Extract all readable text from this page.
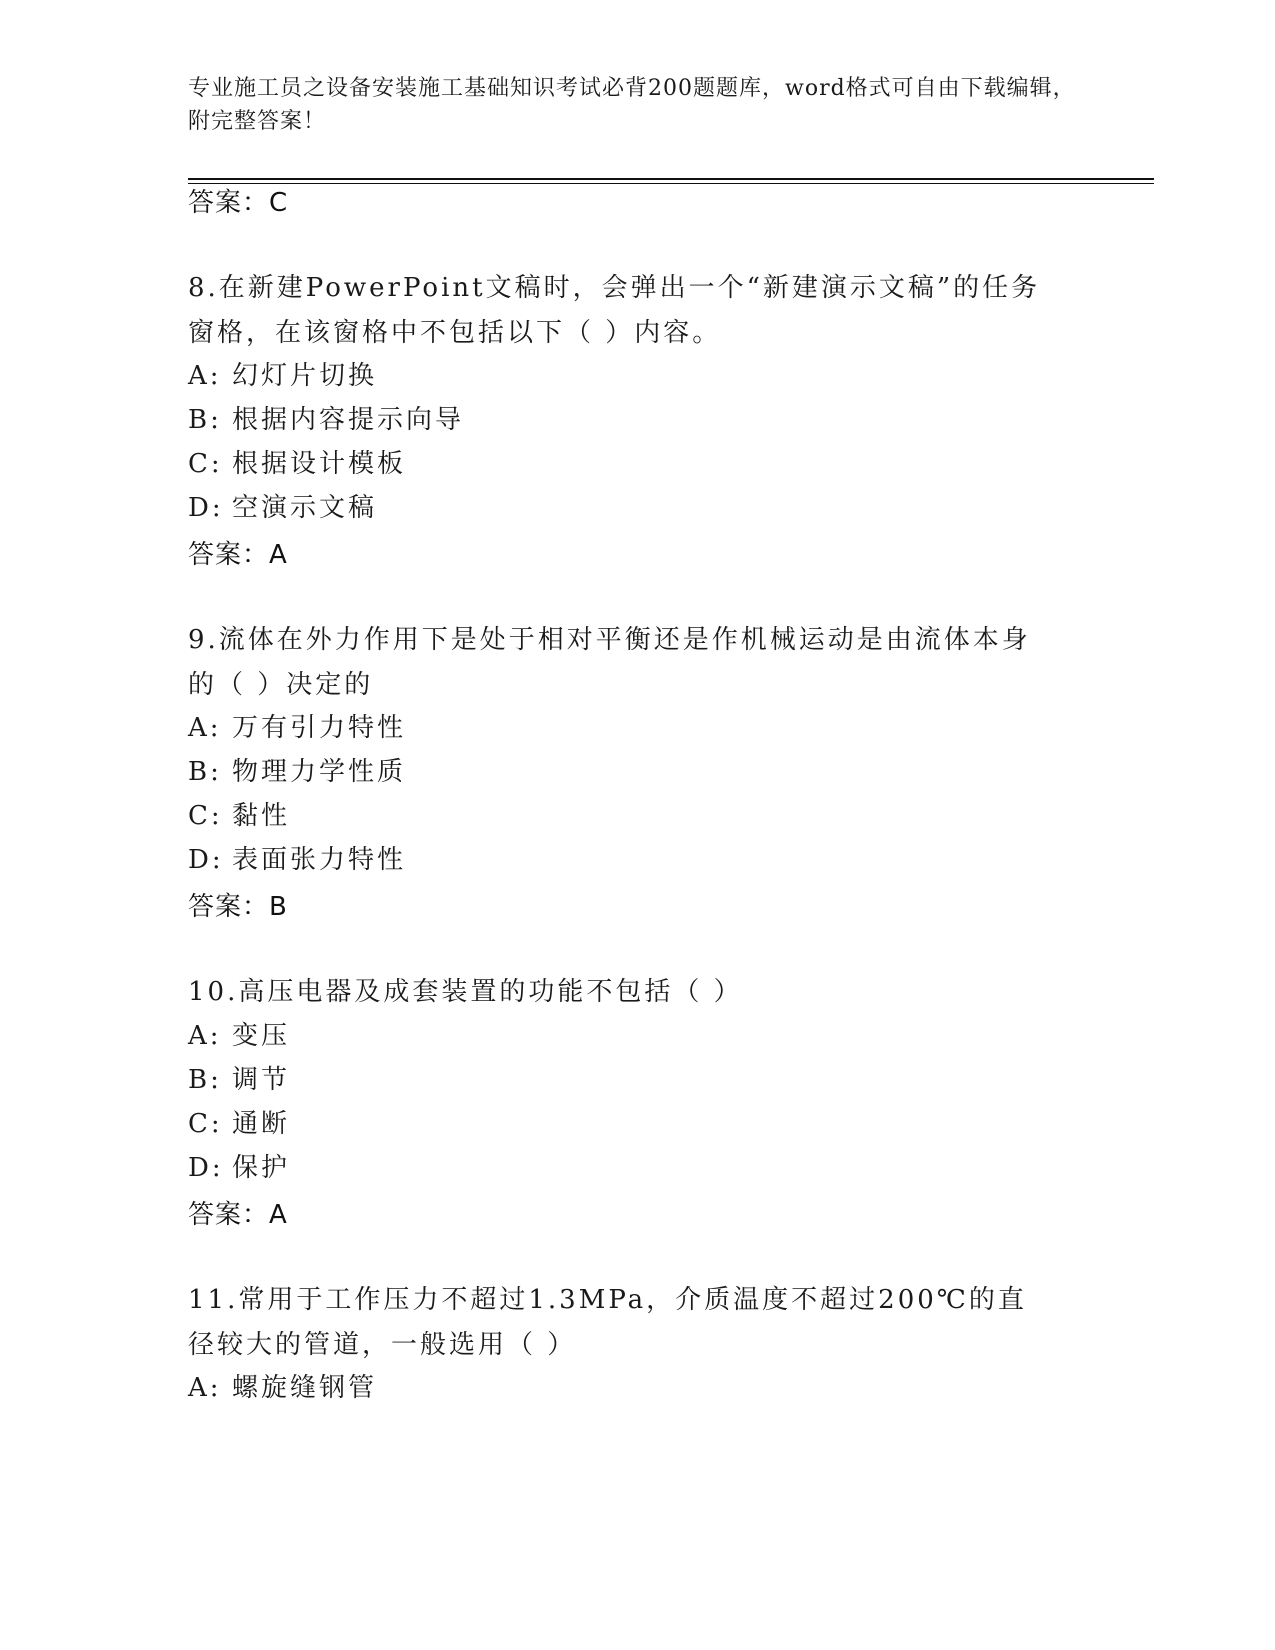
专业施工员之设备安装施工基础知识考试必背200题题库，word格式可自由下载编辑，附完整答案！
答案：C
8.在新建PowerPoint文稿时，会弹出一个“新建演示文稿”的任务窗格，在该窗格中不包括以下（ ）内容。
A: 幻灯片切换
B: 根据内容提示向导
C: 根据设计模板
D: 空演示文稿
答案：A
9.流体在外力作用下是处于相对平衡还是作机械运动是由流体本身的（ ）决定的
A: 万有引力特性
B: 物理力学性质
C: 黏性
D: 表面张力特性
答案：B
10.高压电器及成套装置的功能不包括（ ）
A: 变压
B: 调节
C: 通断
D: 保护
答案：A
11.常用于工作压力不超过1.3MPa，介质温度不超过200℃的直径较大的管道，一般选用（ ）
A: 螺旋缝钢管
